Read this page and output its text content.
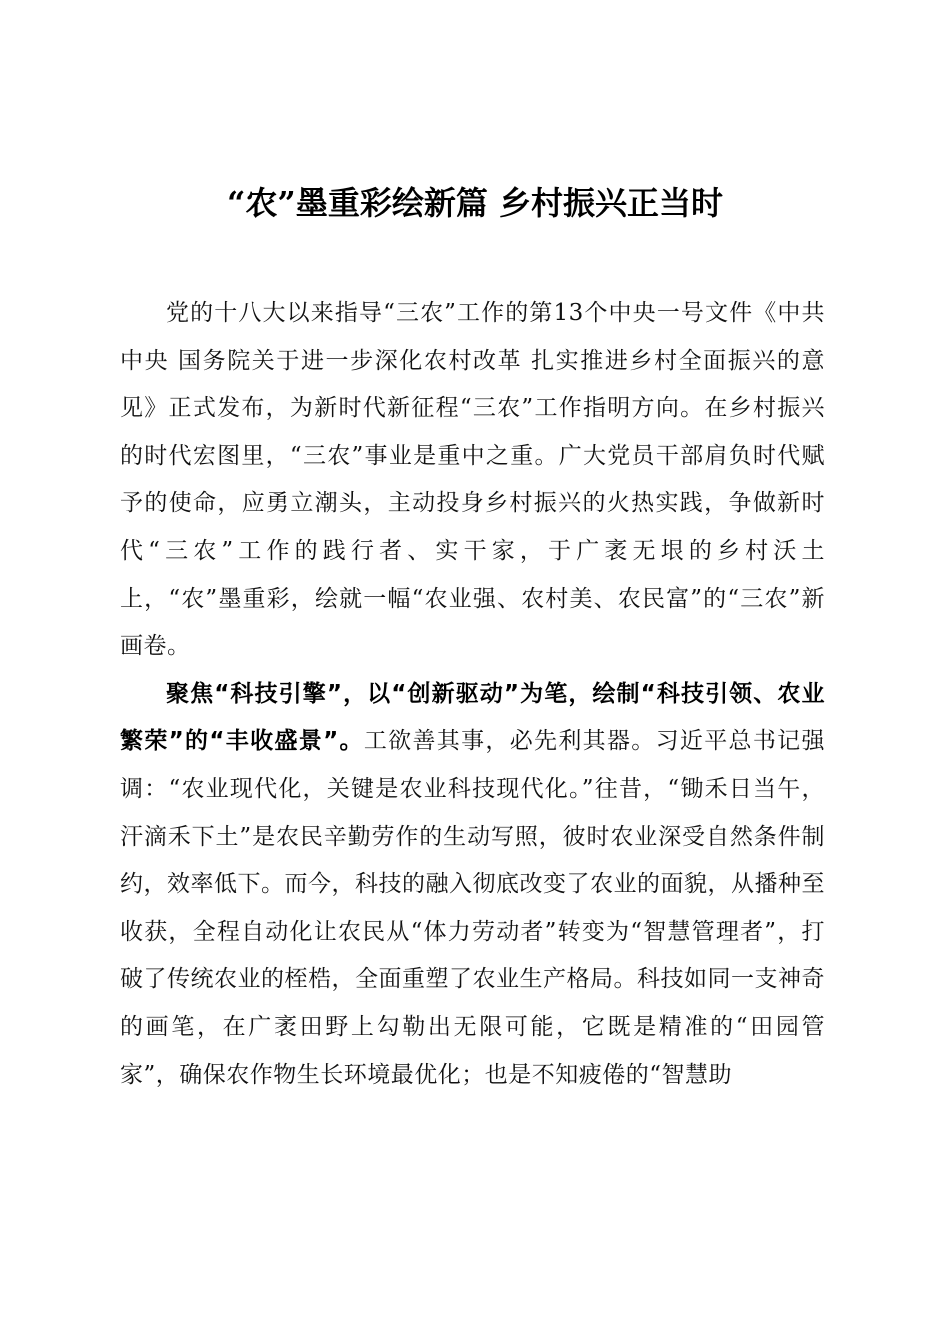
“农”墨重彩绘新篇 乡村振兴正当时

党的十八大以来指导“三农”工作的第13个中央一号文件《中共中央 国务院关于进一步深化农村改革 扎实推进乡村全面振兴的意见》正式发布，为新时代新征程“三农”工作指明方向。在乡村振兴的时代宏图里，“三农”事业是重中之重。广大党员干部肩负时代赋予的使命，应勇立潮头，主动投身乡村振兴的火热实践，争做新时代“三农”工作的践行者、实干家，于广袤无垠的乡村沃土上，“农”墨重彩，绘就一幅“农业强、农村美、农民富”的“三农”新画卷。

聚焦“科技引擎”，以“创新驱动”为笔，绘制“科技引领、农业繁荣”的“丰收盛景”。工欲善其事，必先利其器。习近平总书记强调：“农业现代化，关键是农业科技现代化。”往昔，“锄禾日当午，汗滴禾下土”是农民辛勤劳作的生动写照，彼时农业深受自然条件制约，效率低下。而今，科技的融入彻底改变了农业的面貌，从播种至收获，全程自动化让农民从“体力劳动者”转变为“智慧管理者”，打破了传统农业的桎梏，全面重塑了农业生产格局。科技如同一支神奇的画笔，在广袤田野上勾勒出无限可能，它既是精准的“田园管家”，确保农作物生长环境最优化；也是不知疲倦的“智慧助
